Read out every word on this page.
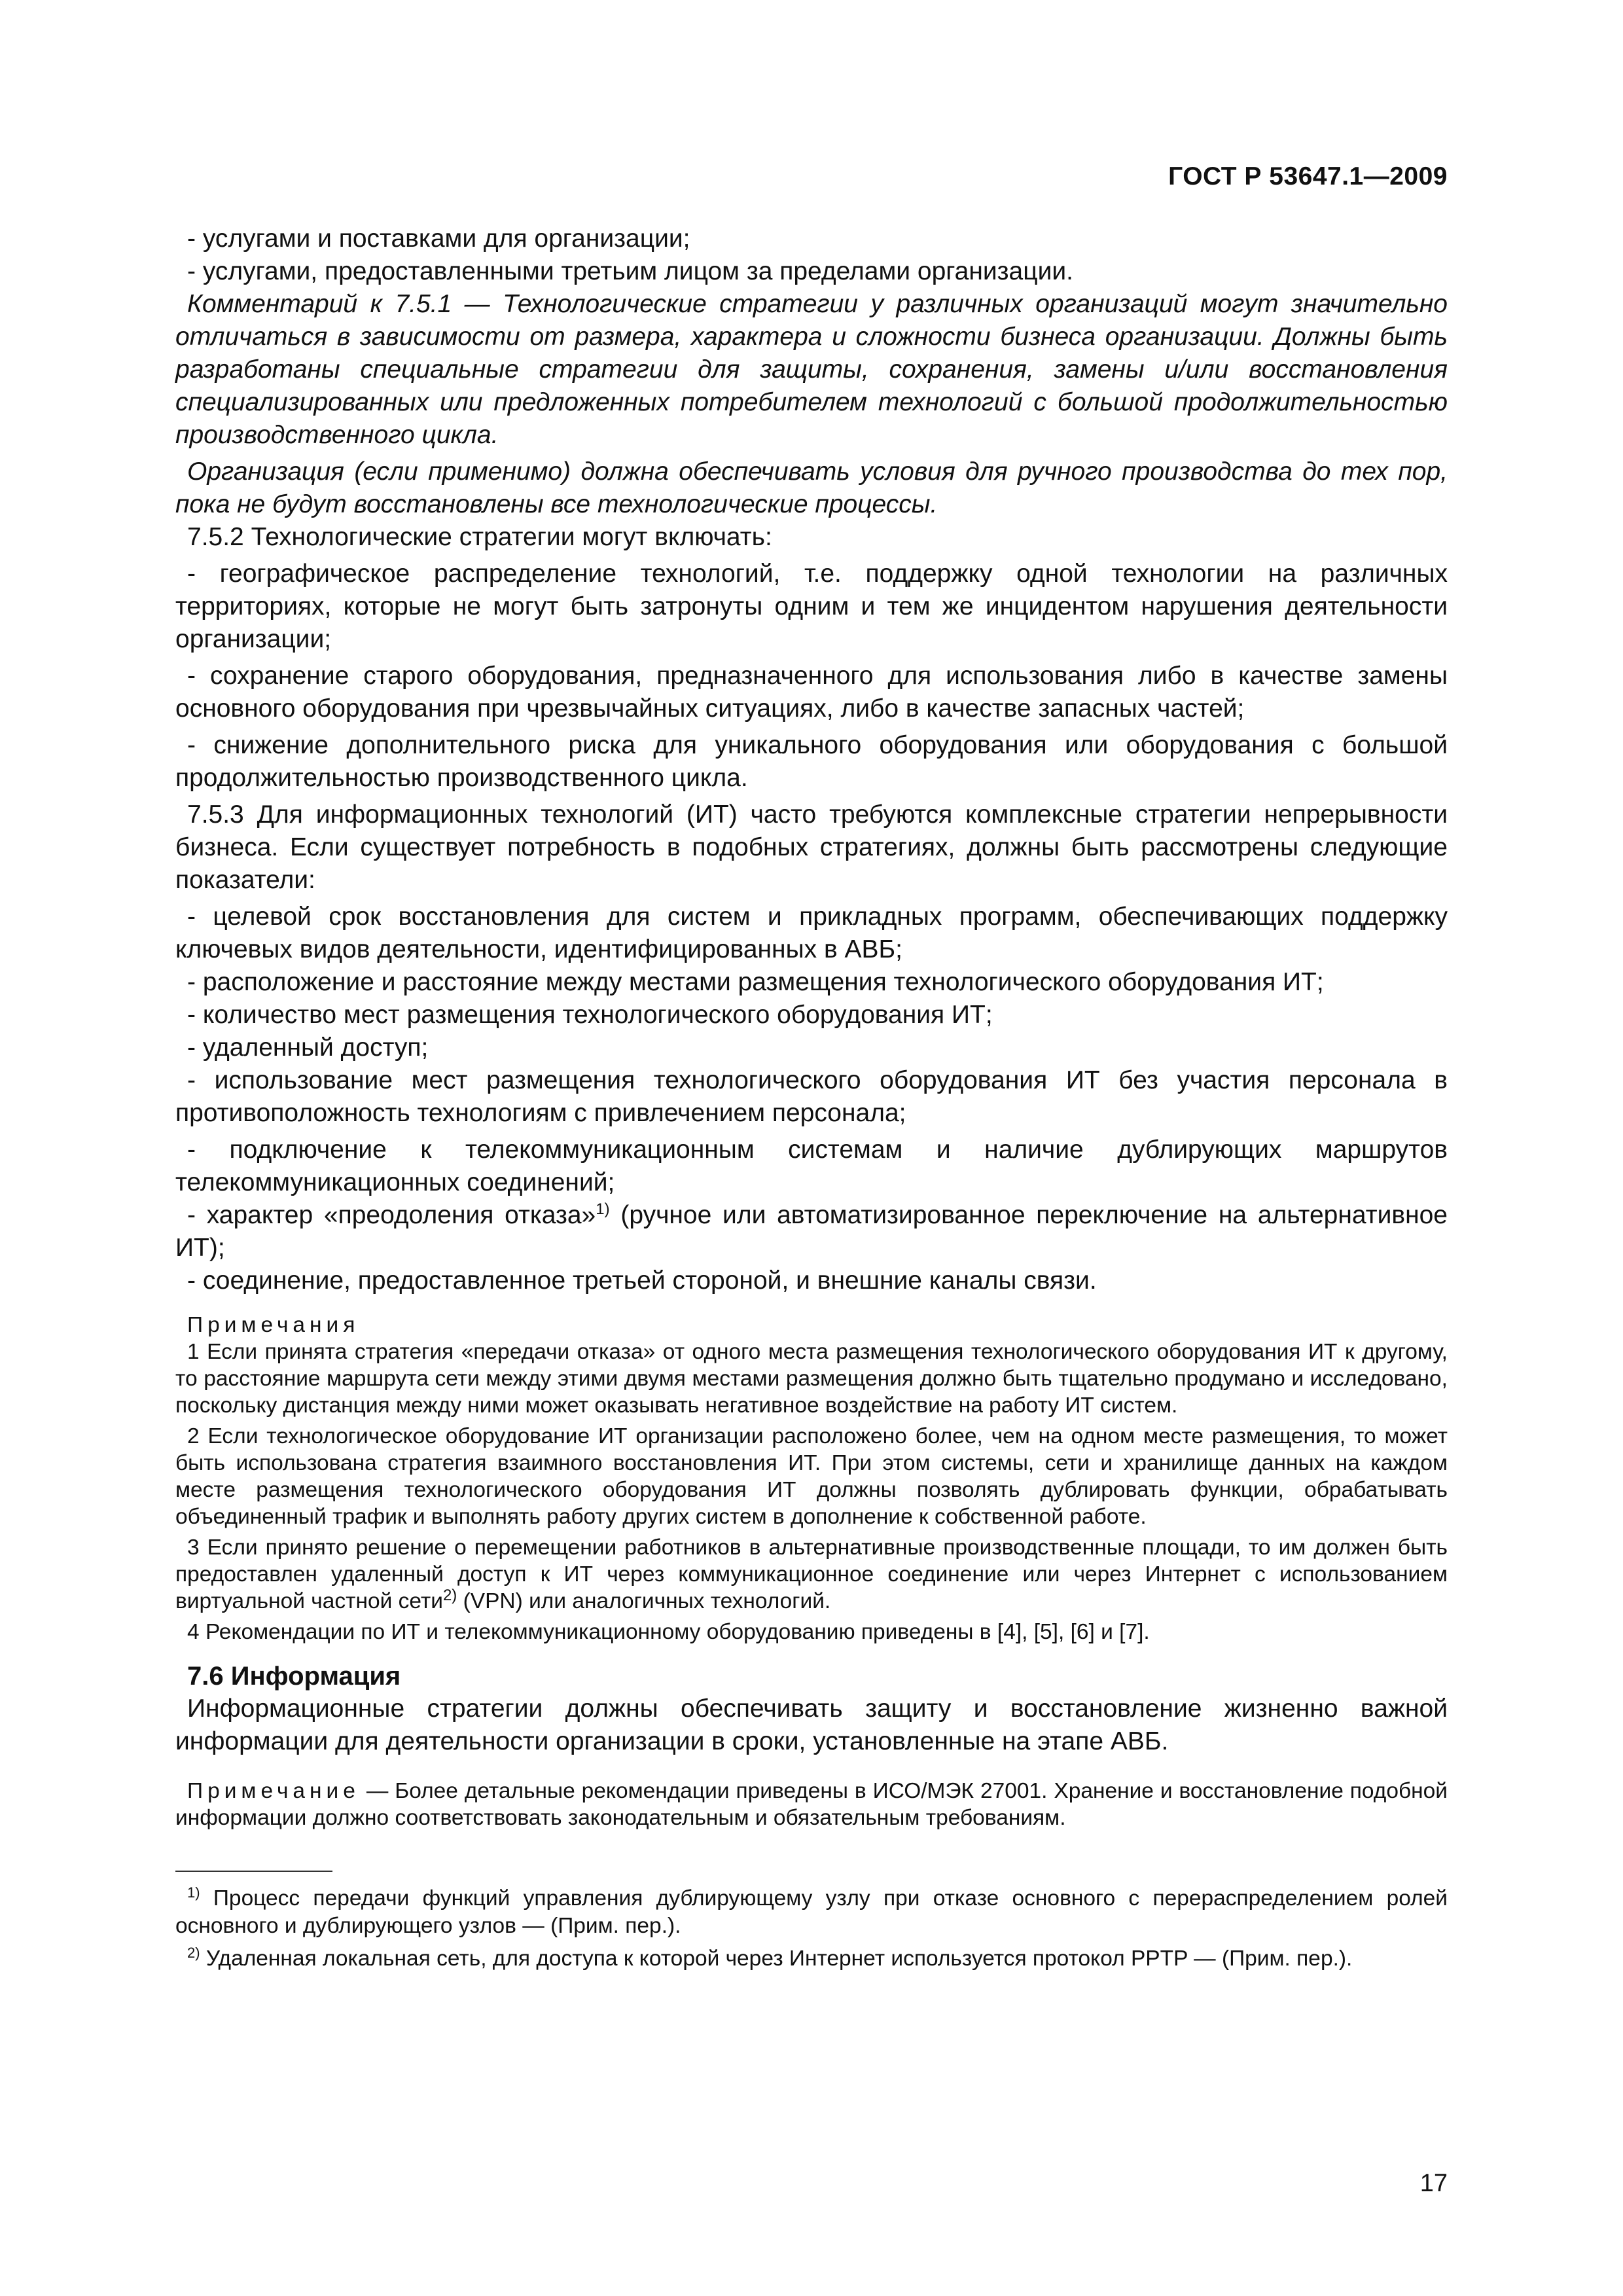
ГОСТ Р 53647.1—2009

- услугами и поставками для организации;

- услугами, предоставленными третьим лицом за пределами организации.

Комментарий к 7.5.1 — Технологические стратегии у различных организаций могут значительно отличаться в зависимости от размера, характера и сложности бизнеса организации. Должны быть разработаны специальные стратегии для защиты, сохранения, замены и/или восстановления специализированных или предложенных потребителем технологий с большой продолжительностью производственного цикла.

Организация (если применимо) должна обеспечивать условия для ручного производства до тех пор, пока не будут восстановлены все технологические процессы.

7.5.2 Технологические стратегии могут включать:

- географическое распределение технологий, т.е. поддержку одной технологии на различных территориях, которые не могут быть затронуты одним и тем же инцидентом нарушения деятельности организации;

- сохранение старого оборудования, предназначенного для использования либо в качестве замены основного оборудования при чрезвычайных ситуациях, либо в качестве запасных частей;

- снижение дополнительного риска для уникального оборудования или оборудования с большой продолжительностью производственного цикла.

7.5.3 Для информационных технологий (ИТ) часто требуются комплексные стратегии непрерывности бизнеса. Если существует потребность в подобных стратегиях, должны быть рассмотрены следующие показатели:

- целевой срок восстановления для систем и прикладных программ, обеспечивающих поддержку ключевых видов деятельности, идентифицированных в АВБ;

- расположение и расстояние между местами размещения технологического оборудования ИТ;

- количество мест размещения технологического оборудования ИТ;

- удаленный доступ;

- использование мест размещения технологического оборудования ИТ без участия персонала в противоположность технологиям с привлечением персонала;

- подключение к телекоммуникационным системам и наличие дублирующих маршрутов телекоммуникационных соединений;

- характер «преодоления отказа»$^{1)}$ (ручное или автоматизированное переключение на альтернативное ИТ);

- соединение, предоставленное третьей стороной, и внешние каналы связи.

Примечания

1 Если принята стратегия «передачи отказа» от одного места размещения технологического оборудования ИТ к другому, то расстояние маршрута сети между этими двумя местами размещения должно быть тщательно продумано и исследовано, поскольку дистанция между ними может оказывать негативное воздействие на работу ИТ систем.

2 Если технологическое оборудование ИТ организации расположено более, чем на одном месте размещения, то может быть использована стратегия взаимного восстановления ИТ. При этом системы, сети и хранилище данных на каждом месте размещения технологического оборудования ИТ должны позволять дублировать функции, обрабатывать объединенный трафик и выполнять работу других систем в дополнение к собственной работе.

3 Если принято решение о перемещении работников в альтернативные производственные площади, то им должен быть предоставлен удаленный доступ к ИТ через коммуникационное соединение или через Интернет с использованием виртуальной частной сети$^{2)}$ (VPN) или аналогичных технологий.

4 Рекомендации по ИТ и телекоммуникационному оборудованию приведены в [4], [5], [6] и [7].

7.6 Информация

Информационные стратегии должны обеспечивать защиту и восстановление жизненно важной информации для деятельности организации в сроки, установленные на этапе АВБ.

Примечание — Более детальные рекомендации приведены в ИСО/МЭК 27001. Хранение и восстановление подобной информации должно соответствовать законодательным и обязательным требованиям.

$^{1)}$ Процесс передачи функций управления дублирующему узлу при отказе основного с перераспределением ролей основного и дублирующего узлов — (Прим. пер.).

$^{2)}$ Удаленная локальная сеть, для доступа к которой через Интернет используется протокол PPTP — (Прим. пер.).

17
